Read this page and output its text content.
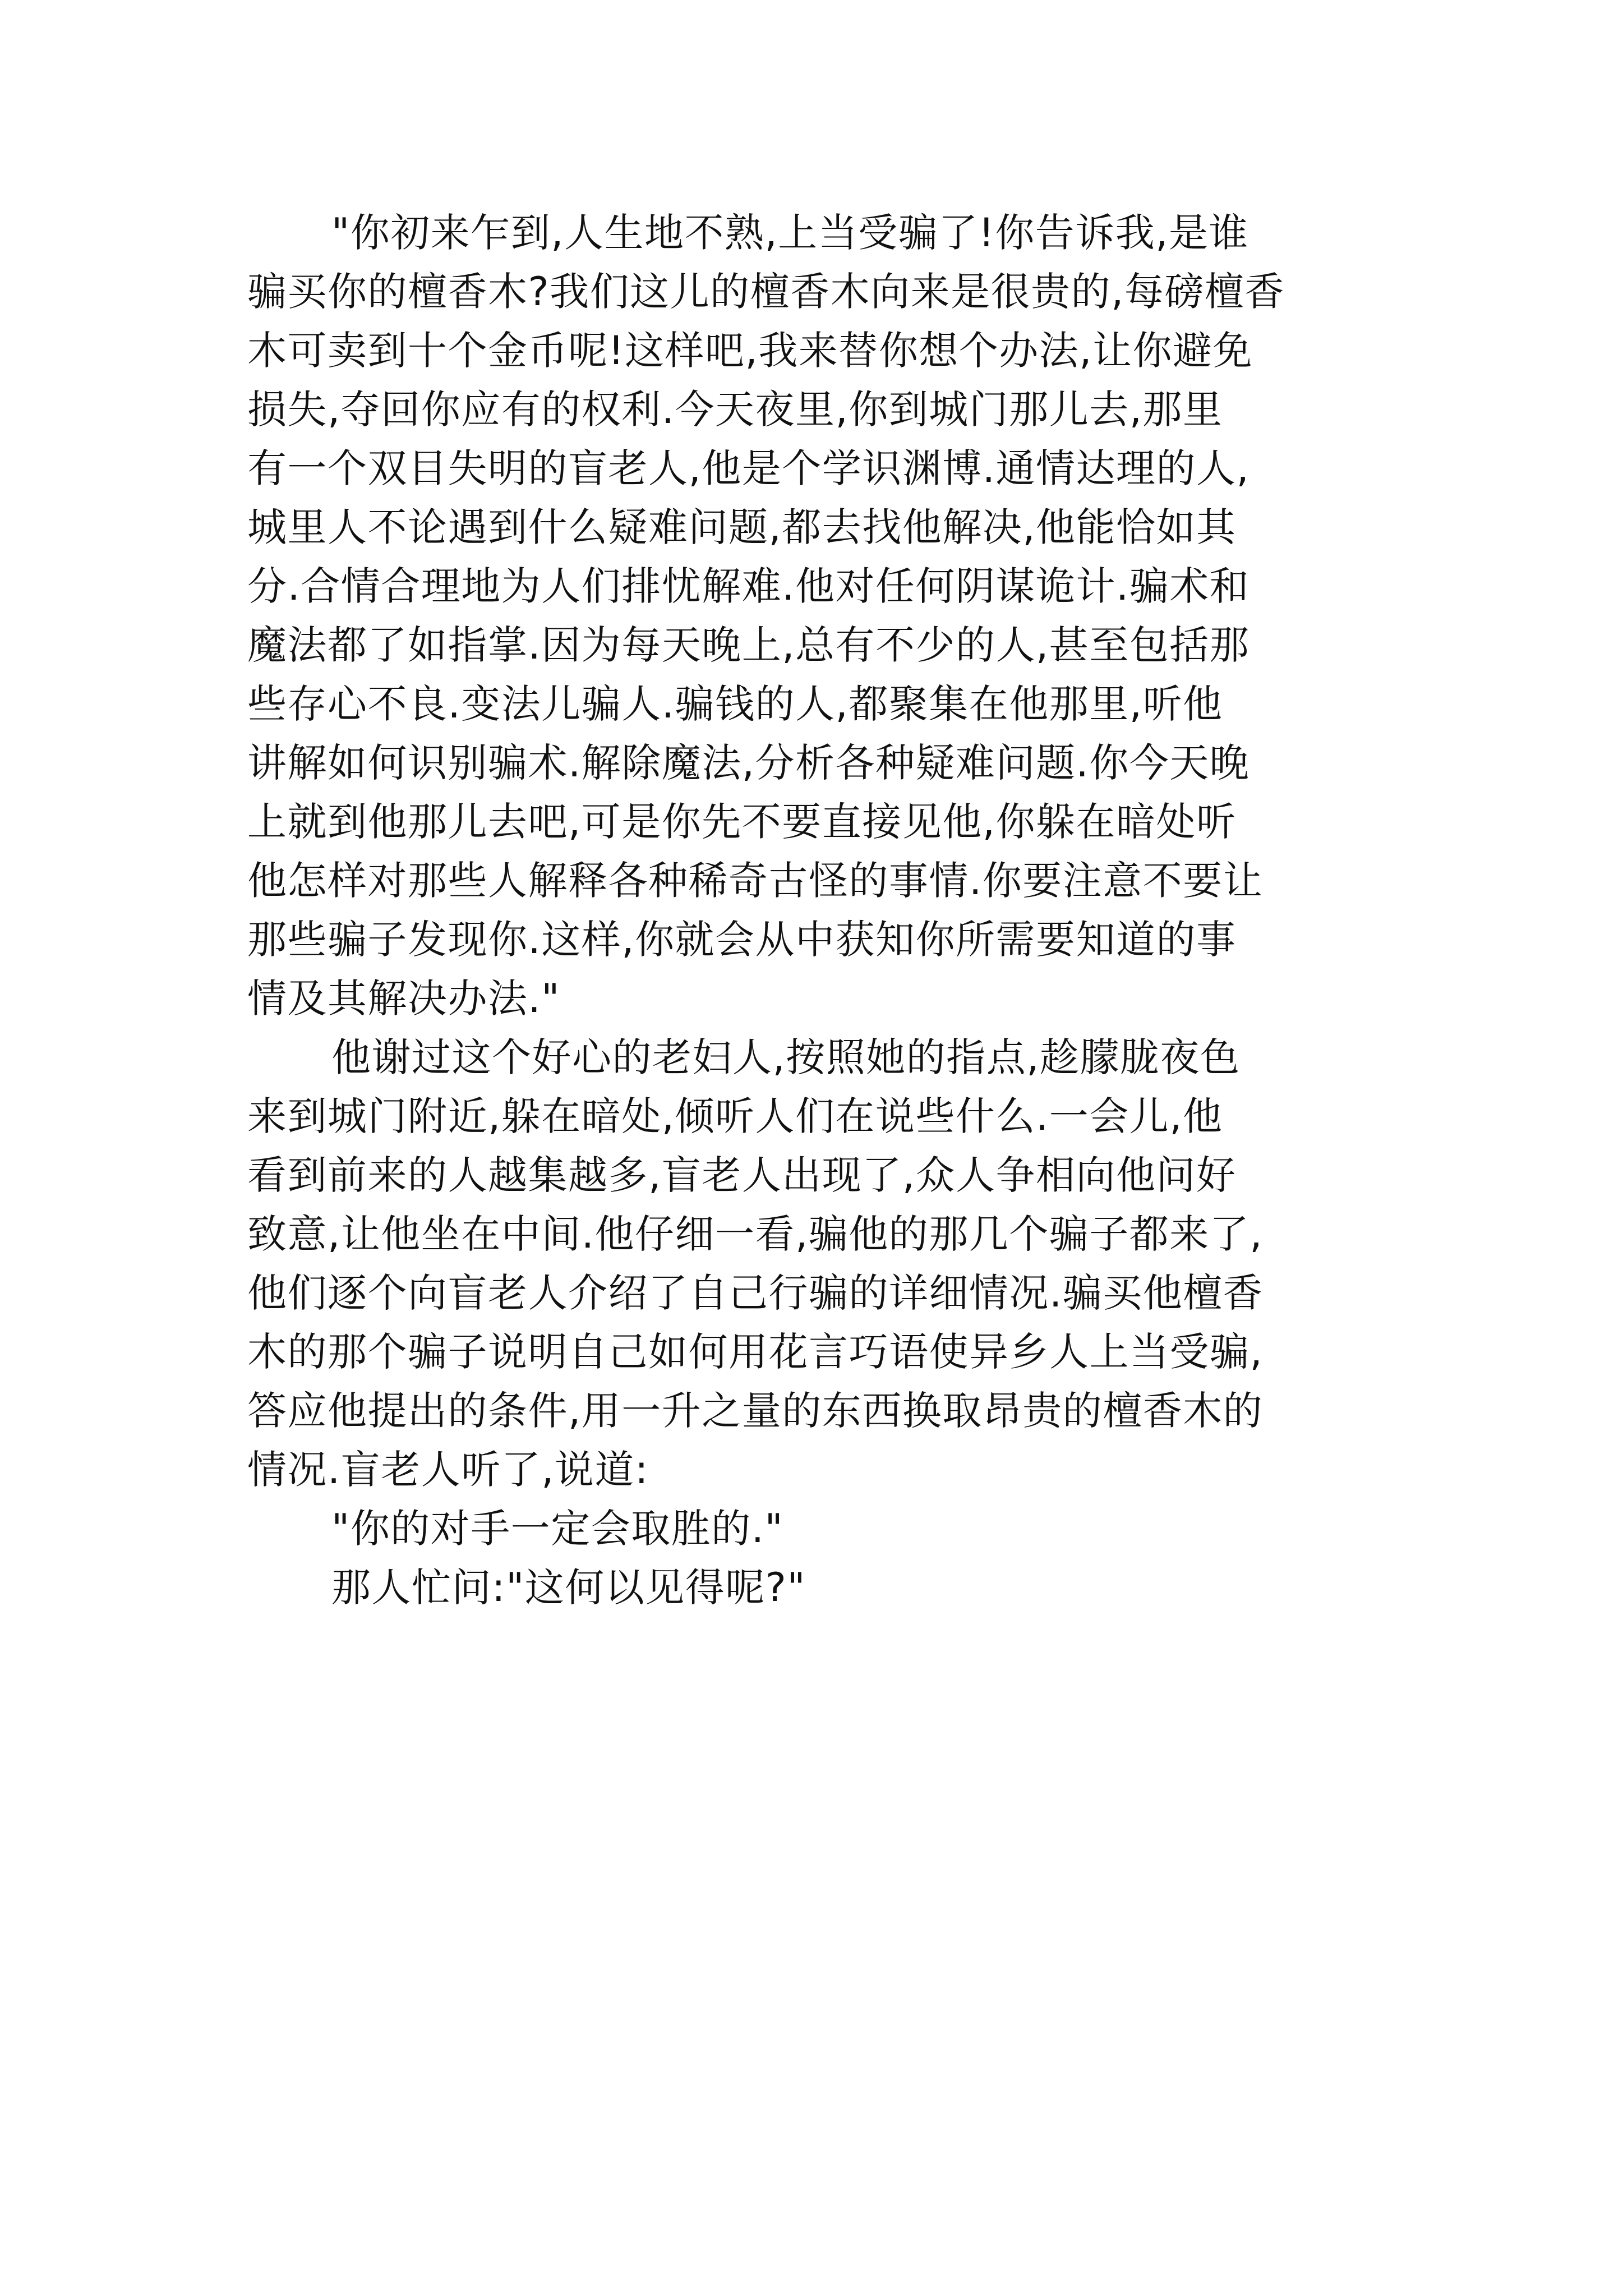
"你初来乍到,人生地不熟,上当受骗了!你告诉我,是谁
骗买你的檀香木?我们这儿的檀香木向来是很贵的,每磅檀香
木可卖到十个金币呢!这样吧,我来替你想个办法,让你避免
损失,夺回你应有的权利.今天夜里,你到城门那儿去,那里
有一个双目失明的盲老人,他是个学识渊博.通情达理的人,
城里人不论遇到什么疑难问题,都去找他解决,他能恰如其
分.合情合理地为人们排忧解难.他对任何阴谋诡计.骗术和
魔法都了如指掌.因为每天晚上,总有不少的人,甚至包括那
些存心不良.变法儿骗人.骗钱的人,都聚集在他那里,听他
讲解如何识别骗术.解除魔法,分析各种疑难问题.你今天晚
上就到他那儿去吧,可是你先不要直接见他,你躲在暗处听
他怎样对那些人解释各种稀奇古怪的事情.你要注意不要让
那些骗子发现你.这样,你就会从中获知你所需要知道的事
情及其解决办法."

他谢过这个好心的老妇人,按照她的指点,趁朦胧夜色
来到城门附近,躲在暗处,倾听人们在说些什么.一会儿,他
看到前来的人越集越多,盲老人出现了,众人争相向他问好
致意,让他坐在中间.他仔细一看,骗他的那几个骗子都来了,
他们逐个向盲老人介绍了自己行骗的详细情况.骗买他檀香
木的那个骗子说明自己如何用花言巧语使异乡人上当受骗,
答应他提出的条件,用一升之量的东西换取昂贵的檀香木的
情况.盲老人听了,说道:

"你的对手一定会取胜的."

那人忙问:"这何以见得呢?"
